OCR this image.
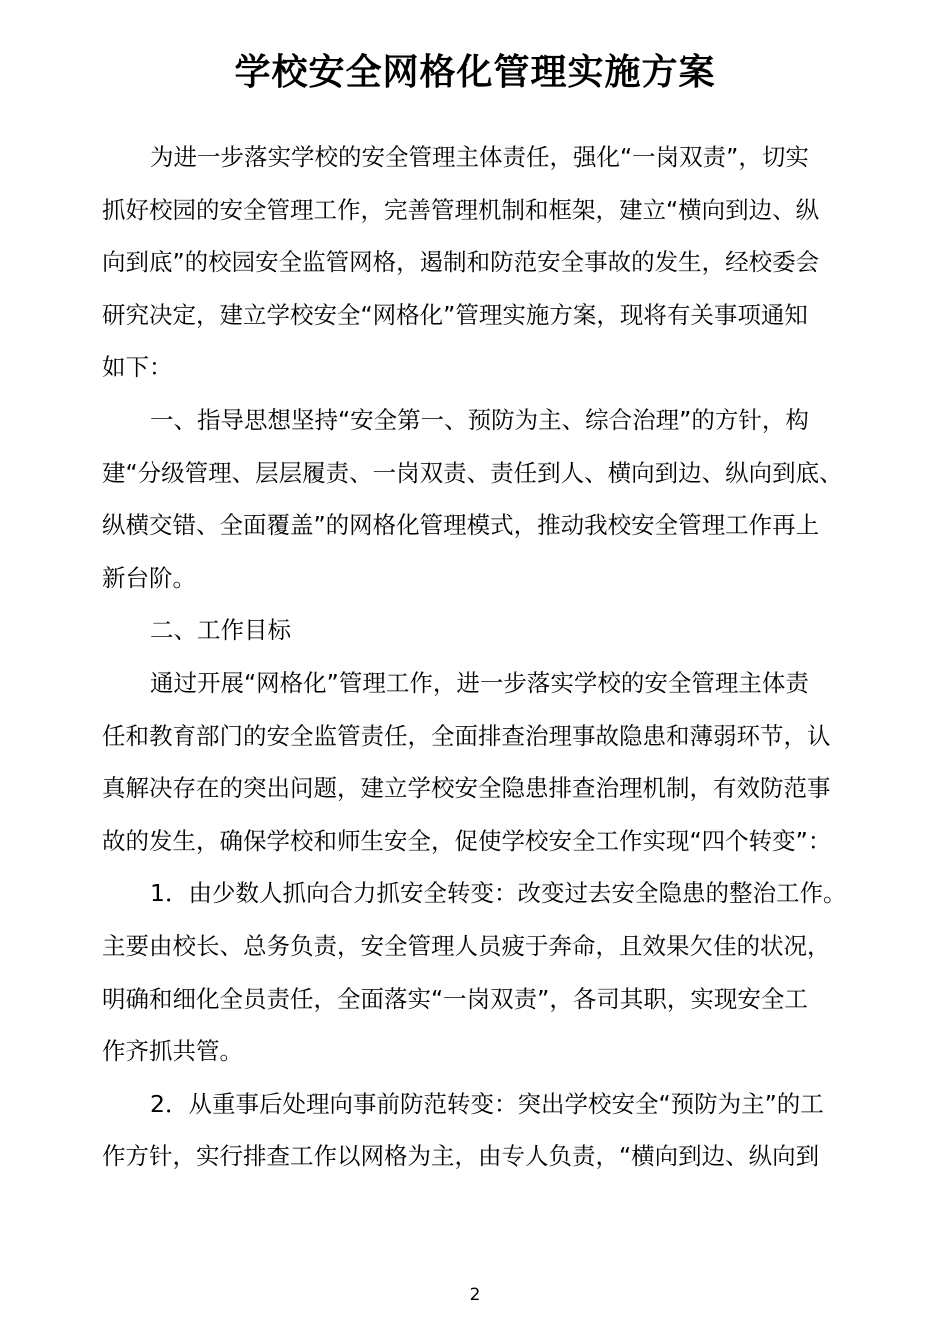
学校安全网格化管理实施方案

为进一步落实学校的安全管理主体责任，强化“一岗双责”，切实
抓好校园的安全管理工作，完善管理机制和框架，建立“横向到边、纵
向到底”的校园安全监管网格，遏制和防范安全事故的发生，经校委会
研究决定，建立学校安全“网格化”管理实施方案，现将有关事项通知
如下：

一、指导思想坚持“安全第一、预防为主、综合治理”的方针，构
建“分级管理、层层履责、一岗双责、责任到人、横向到边、纵向到底、
纵横交错、全面覆盖”的网格化管理模式，推动我校安全管理工作再上
新台阶。

二、工作目标

通过开展“网格化”管理工作，进一步落实学校的安全管理主体责
任和教育部门的安全监管责任，全面排查治理事故隐患和薄弱环节，认
真解决存在的突出问题，建立学校安全隐患排查治理机制，有效防范事
故的发生，确保学校和师生安全，促使学校安全工作实现“四个转变”：

1．由少数人抓向合力抓安全转变：改变过去安全隐患的整治工作。
主要由校长、总务负责，安全管理人员疲于奔命，且效果欠佳的状况，
明确和细化全员责任，全面落实“一岗双责”，各司其职，实现安全工
作齐抓共管。

2．从重事后处理向事前防范转变：突出学校安全“预防为主”的工
作方针，实行排查工作以网格为主，由专人负责，“横向到边、纵向到

2
